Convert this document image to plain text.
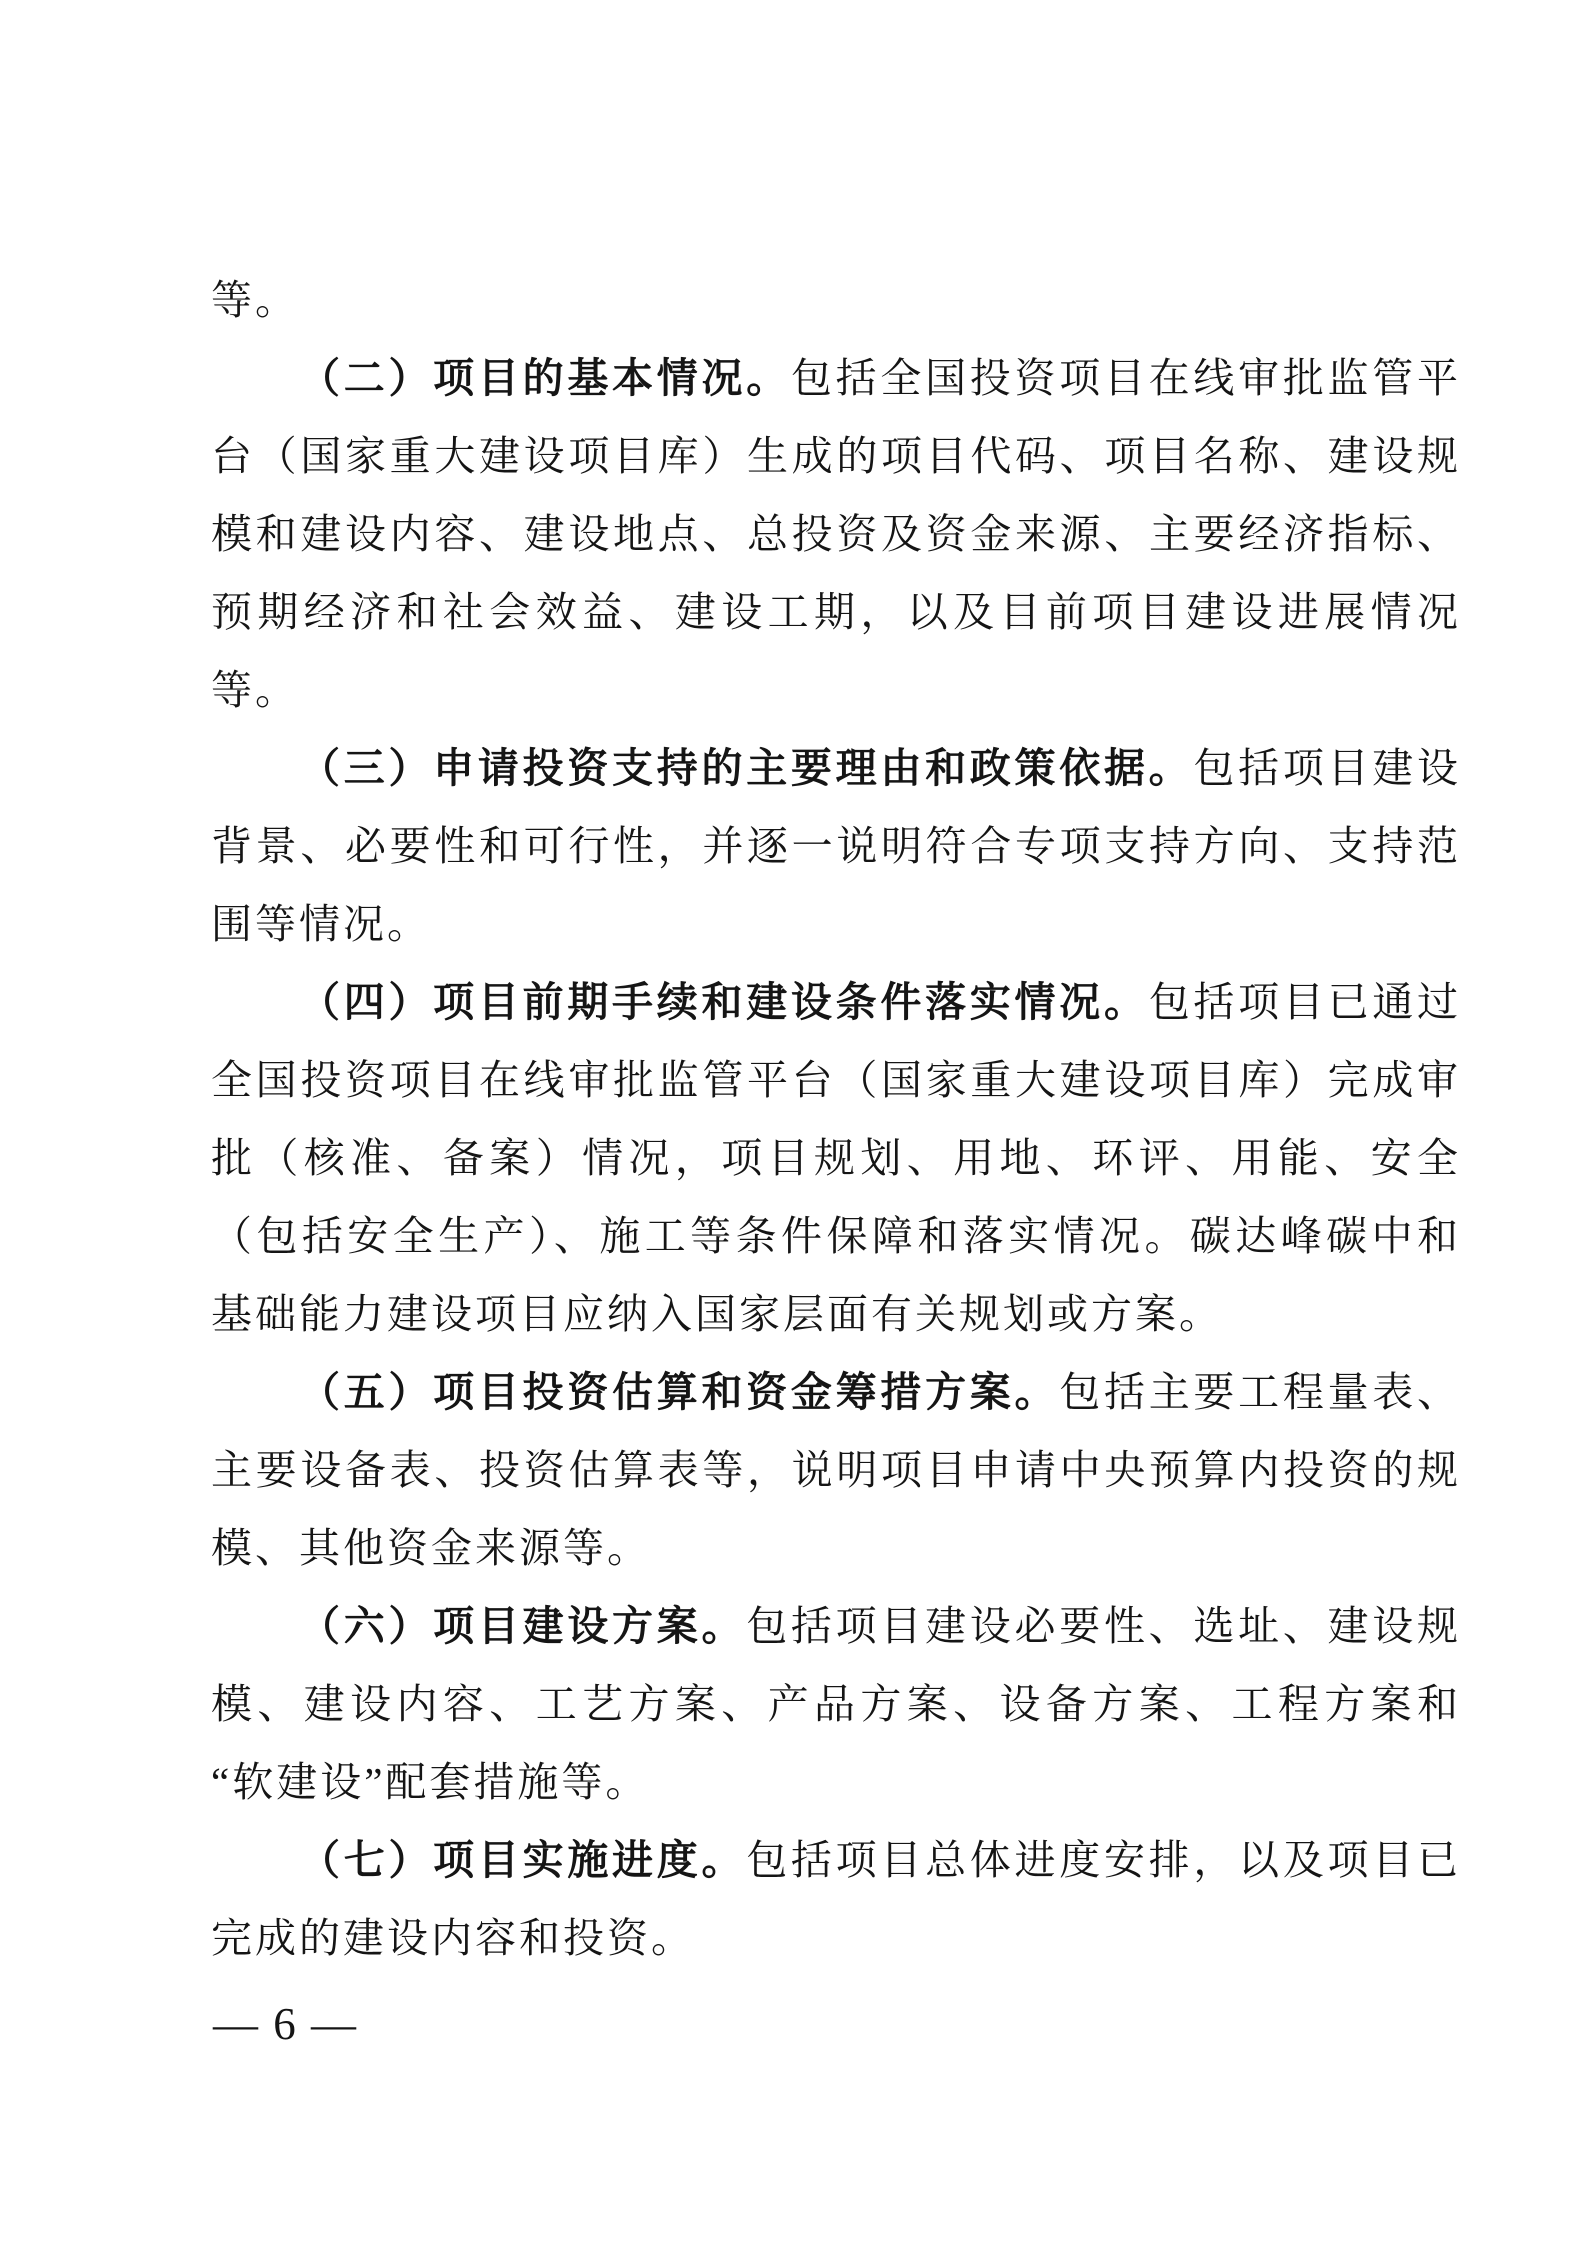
等。
（二）项目的基本情况。包括全国投资项目在线审批监管平
台（国家重大建设项目库）生成的项目代码、项目名称、建设规
模和建设内容、建设地点、总投资及资金来源、主要经济指标、
预期经济和社会效益、建设工期，以及目前项目建设进展情况
等。
（三）申请投资支持的主要理由和政策依据。包括项目建设
背景、必要性和可行性，并逐一说明符合专项支持方向、支持范
围等情况。
（四）项目前期手续和建设条件落实情况。包括项目已通过
全国投资项目在线审批监管平台（国家重大建设项目库）完成审
批（核准、备案）情况，项目规划、用地、环评、用能、安全
（包括安全生产）、施工等条件保障和落实情况。碳达峰碳中和
基础能力建设项目应纳入国家层面有关规划或方案。
（五）项目投资估算和资金筹措方案。包括主要工程量表、
主要设备表、投资估算表等，说明项目申请中央预算内投资的规
模、其他资金来源等。
（六）项目建设方案。包括项目建设必要性、选址、建设规
模、建设内容、工艺方案、产品方案、设备方案、工程方案和
“软建设”配套措施等。
（七）项目实施进度。包括项目总体进度安排，以及项目已
完成的建设内容和投资。
— 6 —
